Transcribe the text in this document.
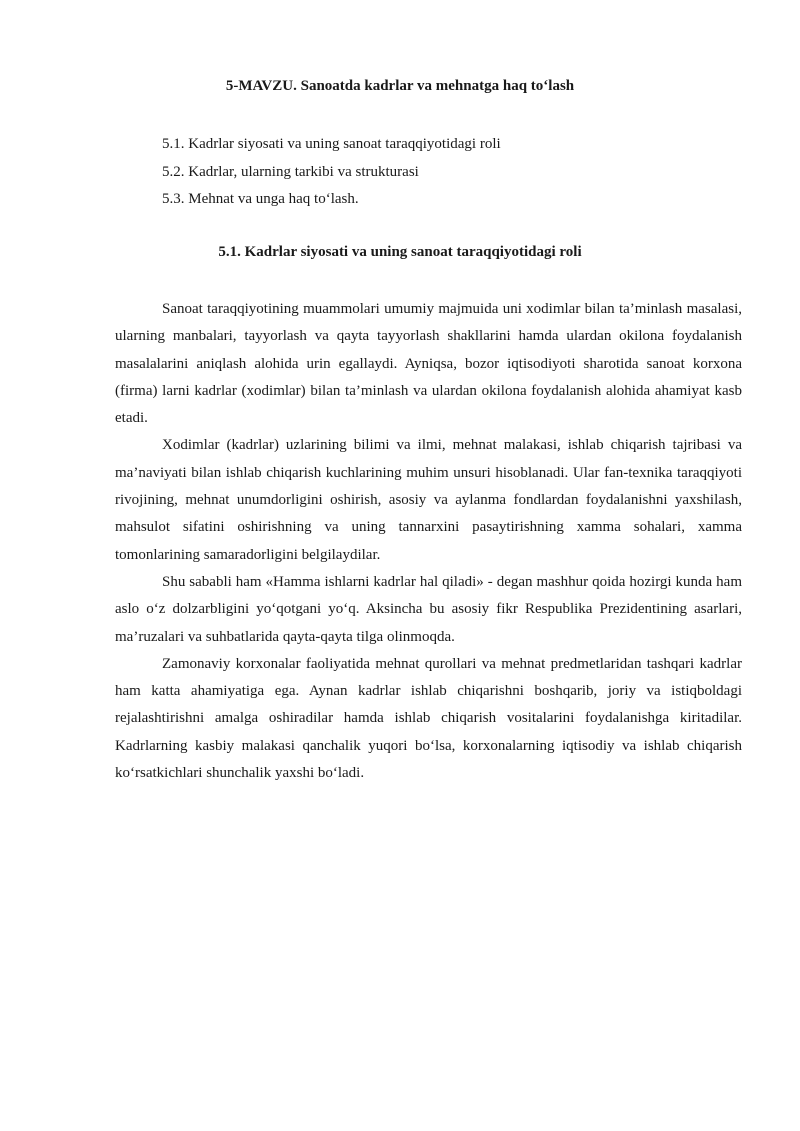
5-MAVZU. Sanoatda kadrlar va mehnatga haq to‘lash
5.1. Kadrlar siyosati va uning sanoat taraqqiyotidagi roli
5.2. Kadrlar, ularning tarkibi va strukturasi
5.3. Mehnat va unga haq to‘lash.
5.1. Kadrlar siyosati va uning sanoat taraqqiyotidagi roli

Sanoat taraqqiyotining muammolari umumiy majmuida uni xodimlar bilan ta’minlash masalasi, ularning manbalari, tayyorlash va qayta tayyorlash shakllarini hamda ulardan okilona foydalanish masalalarini aniqlash alohida urin egallaydi. Ayniqsa, bozor iqtisodiyoti sharotida sanoat korxona (firma) larni kadrlar (xodimlar) bilan ta’minlash va ulardan okilona foydalanish alohida ahamiyat kasb etadi.

Xodimlar (kadrlar) uzlarining bilimi va ilmi, mehnat malakasi, ishlab chiqarish tajribasi va ma’naviyati bilan ishlab chiqarish kuchlarining muhim unsuri hisoblanadi. Ular fan-texnika taraqqiyoti rivojining, mehnat unumdorligini oshirish, asosiy va aylanma fondlardan foydalanishni yaxshilash, mahsulot sifatini oshirishning va uning tannarxini pasaytirishning xamma sohalari, xamma tomonlarining samaradorligini belgilaydilar.

Shu sababli ham «Hamma ishlarni kadrlar hal qiladi» - degan mashhur qoida hozirgi kunda ham aslo o‘z dolzarbligini yo‘qotgani yo‘q. Aksincha bu asosiy fikr Respublika Prezidentining asarlari, ma’ruzalari va suhbatlarida qayta-qayta tilga olinmoqda.

Zamonaviy korxonalar faoliyatida mehnat qurollari va mehnat predmetlaridan tashqari kadrlar ham katta ahamiyatiga ega. Aynan kadrlar ishlab chiqarishni boshqarib, joriy va istiqboldagi rejalashtirishni amalga oshiradilar hamda ishlab chiqarish vositalarini foydalanishga kiritadilar. Kadrlarning kasbiy malakasi qanchalik yuqori bo‘lsa, korxonalarning iqtisodiy va ishlab chiqarish ko‘rsatkichlari shunchalik yaxshi bo‘ladi.
